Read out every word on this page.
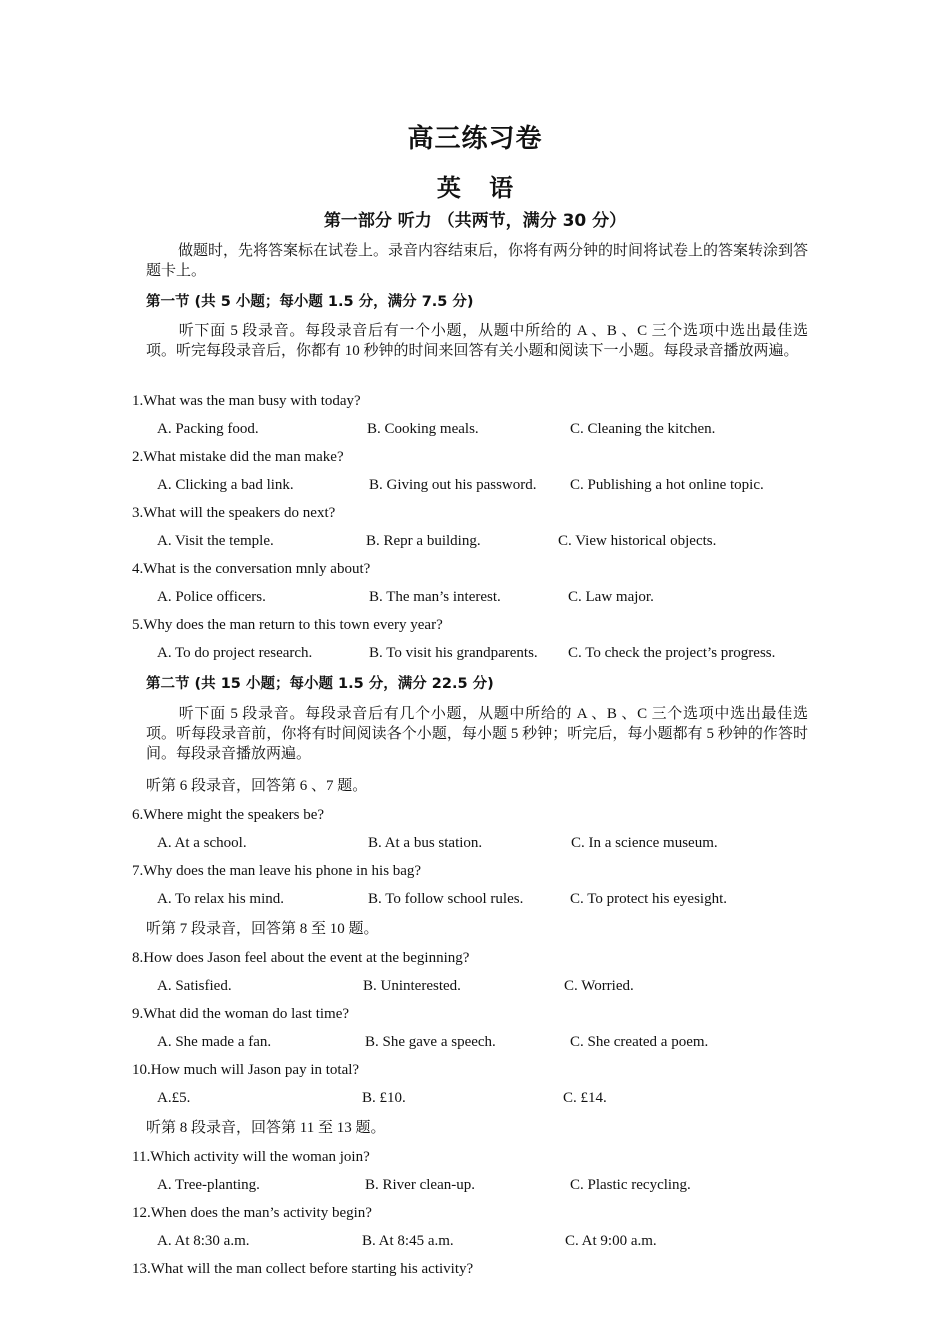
高三练习卷
英 语
第一部分 听力 （共两节，满分 30 分）
做题时，先将答案标在试卷上。录音内容结束后，你将有两分钟的时间将试卷上的答案转涂到答题卡上。
第一节 (共 5 小题；每小题 1.5 分，满分 7.5 分)
听下面 5 段录音。每段录音后有一个小题，从题中所给的 A 、B 、C 三个选项中选出最佳选项。听完每段录音后，你都有 10 秒钟的时间来回答有关小题和阅读下一小题。每段录音播放两遍。
1.What was the man busy with today?
A. Packing food.	B. Cooking meals.	C. Cleaning the kitchen.
2.What mistake did the man make?
A. Clicking a bad link.	B. Giving out his password. C. Publishing a hot online topic.
3.What will the speakers do next?
A. Visit the temple.	B. Repr a building.	C. View historical objects.
4.What is the conversation mnly about?
A. Police officers.	B. The man’s interest.	C. Law major.
5.Why does the man return to this town every year?
A. To do project research.	B. To visit his grandparents. C. To check the project’s progress.
第二节 (共 15 小题；每小题 1.5 分，满分 22.5 分)
听下面 5 段录音。每段录音后有几个小题，从题中所给的 A 、B 、C 三个选项中选出最佳选项。听每段录音前，你将有时间阅读各个小题，每小题 5 秒钟；听完后，每小题都有 5 秒钟的作答时间。每段录音播放两遍。
听第 6 段录音，回答第 6 、7 题。
6.Where might the speakers be?
A. At a school.	B. At a bus station.	C. In a science museum.
7.Why does the man leave his phone in his bag?
A. To relax his mind.	B. To follow school rules.	C. To protect his eyesight.
听第 7 段录音，回答第 8 至 10 题。
8.How does Jason feel about the event at the beginning?
A. Satisfied.	B. Uninterested.	C. Worried.
9.What did the woman do last time?
A. She made a fan.	B. She gave a speech.	C. She created a poem.
10.How much will Jason pay in total?
A.£5.	B. £10.	C. £14.
听第 8 段录音，回答第 11 至 13 题。
11.Which activity will the woman join?
A. Tree-planting.	B. River clean-up.	C. Plastic recycling.
12.When does the man’s activity begin?
A. At 8:30 a.m.	B. At 8:45 a.m.	C. At 9:00 a.m.
13.What will the man collect before starting his activity?
